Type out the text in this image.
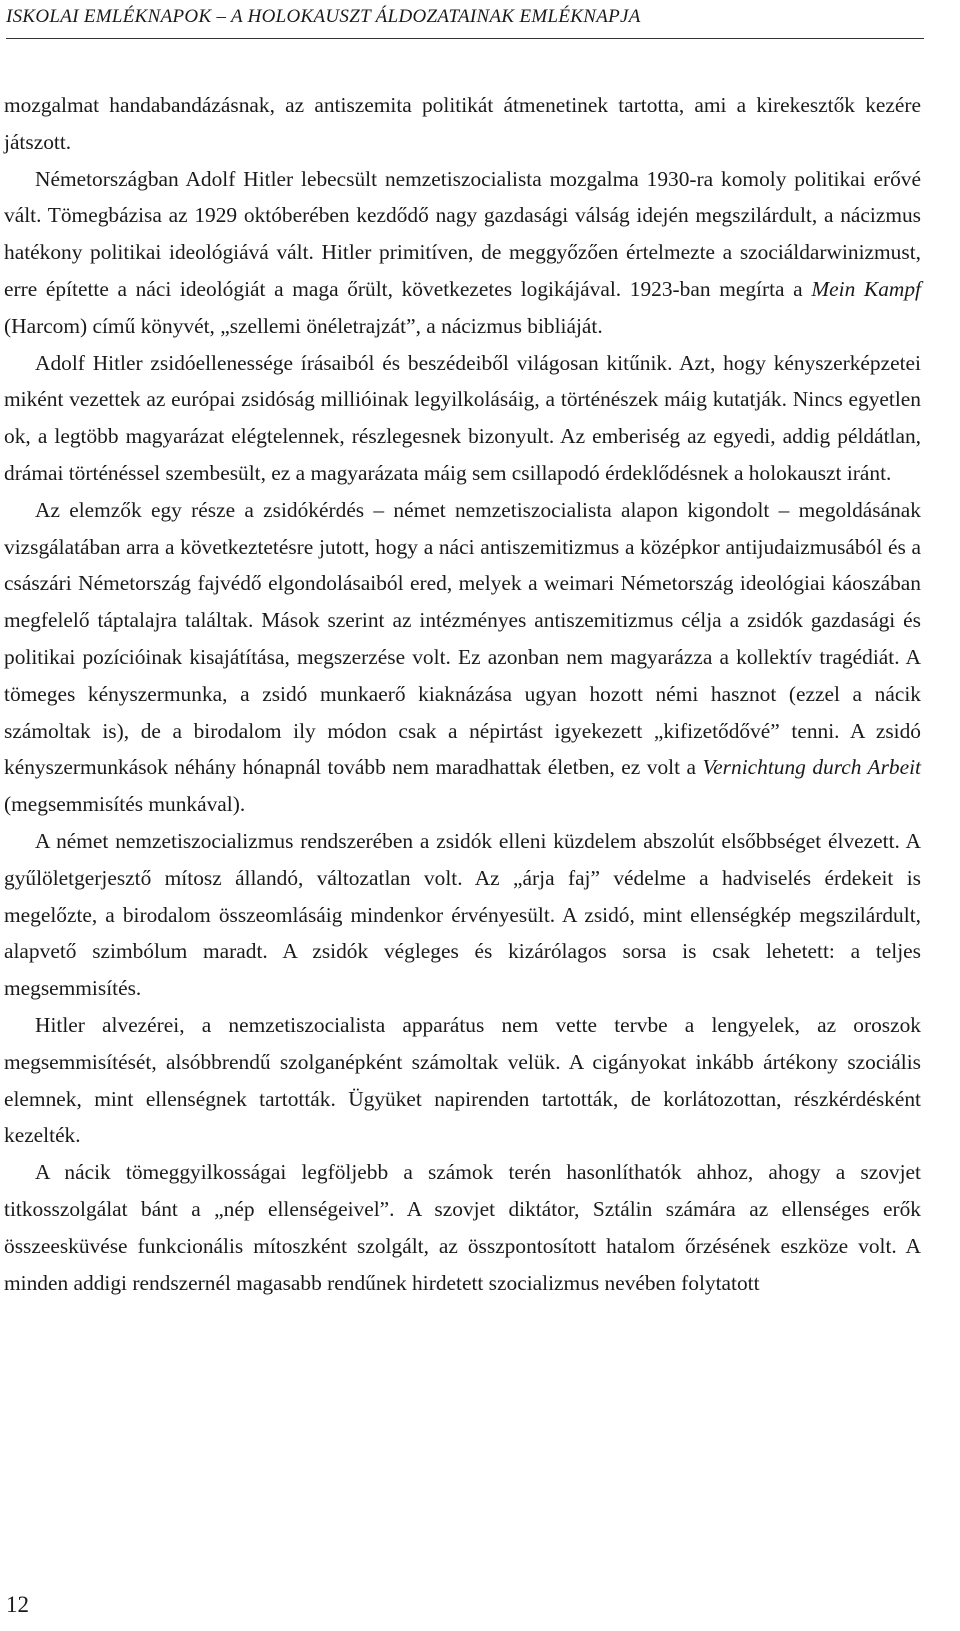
ISKOLAI EMLÉKNAPOK – A HOLOKAUSZT ÁLDOZATAINAK EMLÉKNAPJA

mozgalmat handabandázásnak, az antiszemita politikát átmenetinek tartotta, ami a kirekesztők kezére játszott.

Németországban Adolf Hitler lebecsült nemzetiszocialista mozgalma 1930-ra komoly politikai erővé vált. Tömegbázisa az 1929 októberében kezdődő nagy gazdasági válság idején megszilárdult, a nácizmus hatékony politikai ideológiává vált. Hitler primitíven, de meggyőzően értelmezte a szociáldarwinizmust, erre építette a náci ideológiát a maga őrült, következetes logikájával. 1923-ban megírta a Mein Kampf (Harcom) című könyvét, „szellemi önéletrajzát”, a nácizmus bibliáját.

Adolf Hitler zsidóellenessége írásaiból és beszédeiből világosan kitűnik. Azt, hogy kényszerképzetei miként vezettek az európai zsidóság millióinak legyilkolásáig, a történészek máig kutatják. Nincs egyetlen ok, a legtöbb magyarázat elégtelennek, részlegesnek bizonyult. Az emberiség az egyedi, addig példátlan, drámai történéssel szembesült, ez a magyarázata máig sem csillapodó érdeklődésnek a holokauszt iránt.

Az elemzők egy része a zsidókérdés – német nemzetiszocialista alapon kigondolt – megoldásának vizsgálatában arra a következtetésre jutott, hogy a náci antiszemitizmus a középkor antijudaizmusából és a császári Németország fajvédő elgondolásaiból ered, melyek a weimari Németország ideológiai káoszában megfelelő táptalajra találtak. Mások szerint az intézményes antiszemitizmus célja a zsidók gazdasági és politikai pozícióinak kisajátítása, megszerzése volt. Ez azonban nem magyarázza a kollektív tragédiát. A tömeges kényszermunka, a zsidó munkaerő kiaknázása ugyan hozott némi hasznot (ezzel a nácik számoltak is), de a birodalom ily módon csak a népirtást igyekezett „kifizetődővé” tenni. A zsidó kényszermunkások néhány hónapnál tovább nem maradhattak életben, ez volt a Vernichtung durch Arbeit (megsemmisítés munkával).

A német nemzetiszocializmus rendszerében a zsidók elleni küzdelem abszolút elsőbbséget élvezett. A gyűlöletgerjesztő mítosz állandó, változatlan volt. Az „árja faj” védelme a hadviselés érdekeit is megelőzte, a birodalom összeomlásáig mindenkor érvényesült. A zsidó, mint ellenségkép megszilárdult, alapvető szimbólum maradt. A zsidók végleges és kizárólagos sorsa is csak lehetett: a teljes megsemmisítés.

Hitler alvezérei, a nemzetiszocialista apparátus nem vette tervbe a lengyelek, az oroszok megsemmisítését, alsóbbrendű szolganépként számoltak velük. A cigányokat inkább ártékony szociális elemnek, mint ellenségnek tartották. Ügyüket napirenden tartották, de korlátozottan, részkérdésként kezelték.

A nácik tömeggyilkosságai legföljebb a számok terén hasonlíthatók ahhoz, ahogy a szovjet titkosszolgálat bánt a „nép ellenségeivel”. A szovjet diktátor, Sztálin számára az ellenséges erők összeesküvése funkcionális mítoszként szolgált, az összpontosított hatalom őrzésének eszköze volt. A minden addigi rendszernél magasabb rendűnek hirdetett szocializmus nevében folytatott

12
